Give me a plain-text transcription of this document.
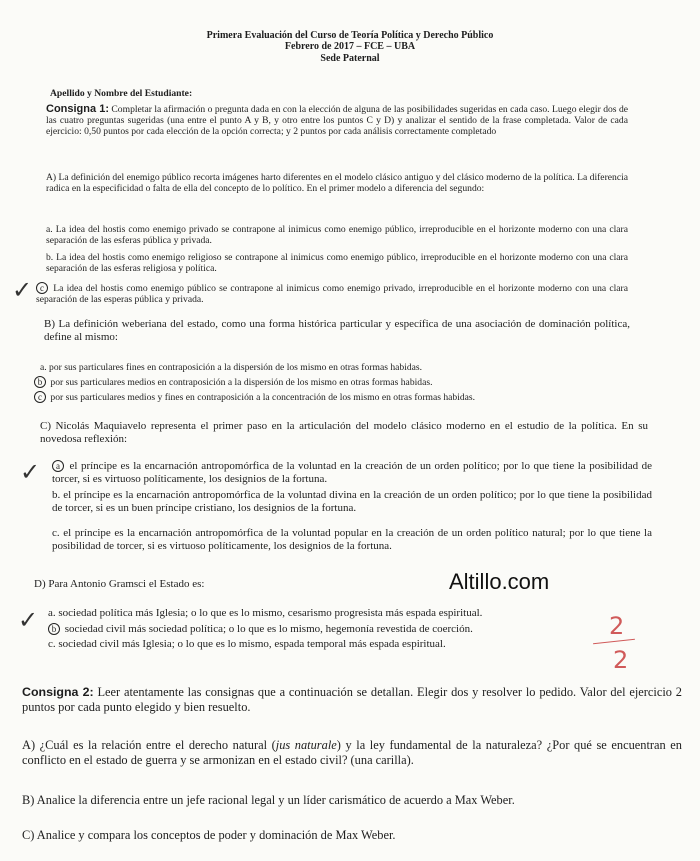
Primera Evaluación del Curso de Teoría Política y Derecho Público
Febrero de 2017 – FCE – UBA
Sede Paternal
Apellido y Nombre del Estudiante:

Consigna 1: Completar la afirmación o pregunta dada en con la elección de alguna de las posibilidades sugeridas en cada caso. Luego elegir dos de las cuatro preguntas sugeridas (una entre el punto A y B, y otro entre los puntos C y D) y analizar el sentido de la frase completada. Valor de cada ejercicio: 0,50 puntos por cada elección de la opción correcta; y 2 puntos por cada análisis correctamente completado

A) La definición del enemigo público recorta imágenes harto diferentes en el modelo clásico antiguo y del clásico moderno de la política. La diferencia radica en la especificidad o falta de ella del concepto de lo político. En el primer modelo a diferencia del segundo:

a. La idea del hostis como enemigo privado se contrapone al inimicus como enemigo público, irreproducible en el horizonte moderno con una clara separación de las esferas pública y privada.

b. La idea del hostis como enemigo religioso se contrapone al inimicus como enemigo público, irreproducible en el horizonte moderno con una clara separación de las esferas religiosa y política.

c La idea del hostis como enemigo público se contrapone al inimicus como enemigo privado, irreproducible en el horizonte moderno con una clara separación de las esperas pública y privada.

✓

B) La definición weberiana del estado, como una forma histórica particular y específica de una asociación de dominación política, define al mismo:

a. por sus particulares fines en contraposición a la dispersión de los mismo en otras formas habidas.

b por sus particulares medios en contraposición a la dispersión de los mismo en otras formas habidas.

c por sus particulares medios y fines en contraposición a la concentración de los mismo en otras formas habidas.

C) Nicolás Maquiavelo representa el primer paso en la articulación del modelo clásico moderno en el estudio de la política. En su novedosa reflexión:

a el príncipe es la encarnación antropomórfica de la voluntad en la creación de un orden político; por lo que tiene la posibilidad de torcer, si es virtuoso políticamente, los designios de la fortuna.

✓

b. el príncipe es la encarnación antropomórfica de la voluntad divina en la creación de un orden político; por lo que tiene la posibilidad de torcer, si es un buen príncipe cristiano, los designios de la fortuna.

c. el príncipe es la encarnación antropomórfica de la voluntad popular en la creación de un orden político natural; por lo que tiene la posibilidad de torcer, si es virtuoso políticamente, los designios de la fortuna.

D) Para Antonio Gramsci el Estado es:	Altillo.com

a. sociedad política más Iglesia; o lo que es lo mismo, cesarismo progresista más espada espiritual.

b sociedad civil más sociedad política; o lo que es lo mismo, hegemonía revestida de coerción.

c. sociedad civil más Iglesia; o lo que es lo mismo, espada temporal más espada espiritual.

✓	2
2

Consigna 2: Leer atentamente las consignas que a continuación se detallan. Elegir dos y resolver lo pedido. Valor del ejercicio 2 puntos por cada punto elegido y bien resuelto.

A) ¿Cuál es la relación entre el derecho natural (jus naturale) y la ley fundamental de la naturaleza? ¿Por qué se encuentran en conflicto en el estado de guerra y se armonizan en el estado civil? (una carilla).

B) Analice la diferencia entre un jefe racional legal y un líder carismático de acuerdo a Max Weber.

C) Analice y compara los conceptos de poder y dominación de Max Weber.
